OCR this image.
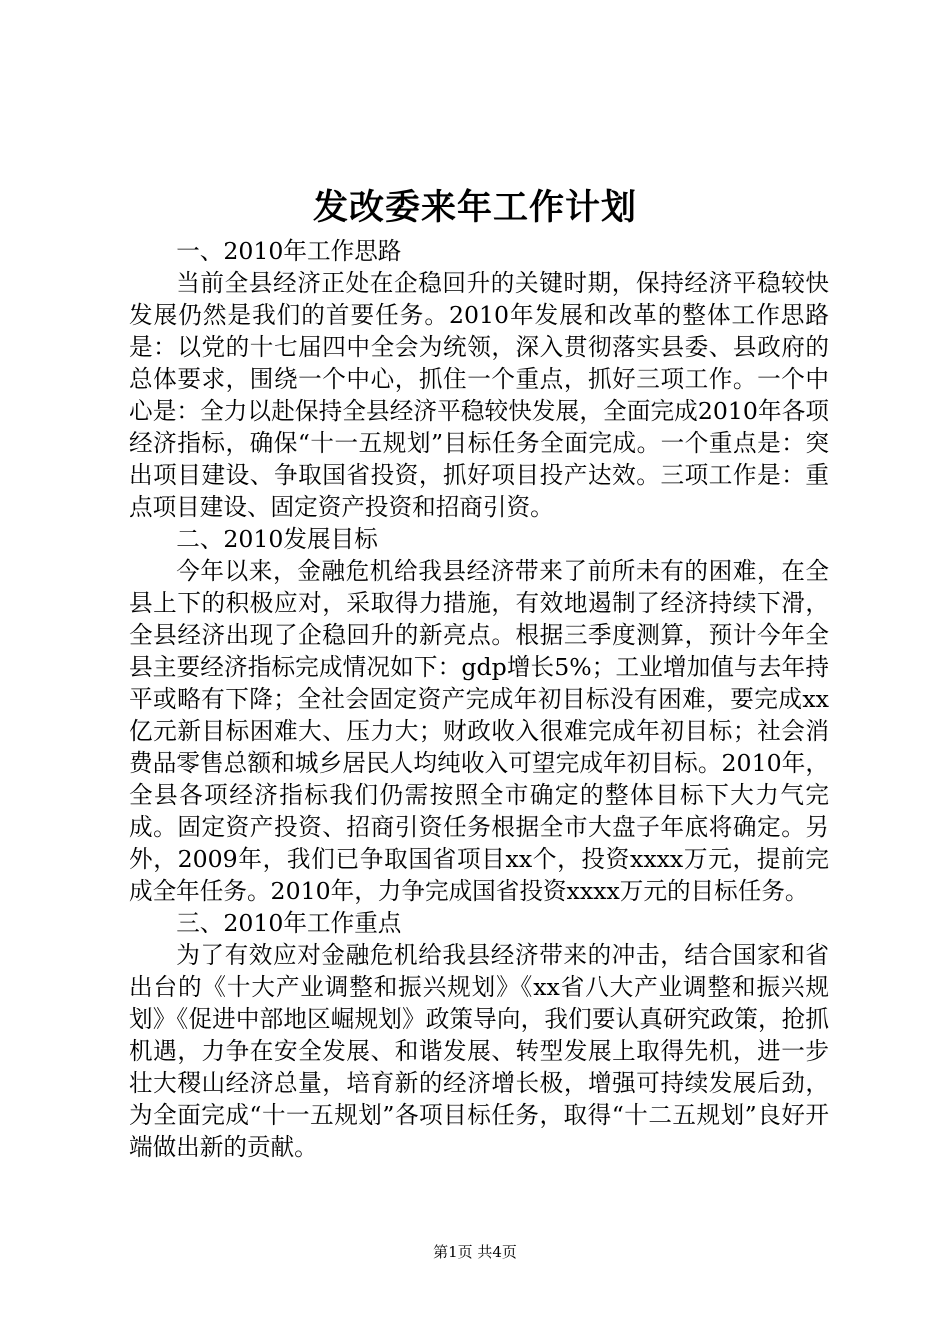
发改委来年工作计划

一、2010年工作思路

当前全县经济正处在企稳回升的关键时期，保持经济平稳较快发展仍然是我们的首要任务。2010年发展和改革的整体工作思路是：以党的十七届四中全会为统领，深入贯彻落实县委、县政府的总体要求，围绕一个中心，抓住一个重点，抓好三项工作。一个中心是：全力以赴保持全县经济平稳较快发展，全面完成2010年各项经济指标，确保“十一五规划”目标任务全面完成。一个重点是：突出项目建设、争取国省投资，抓好项目投产达效。三项工作是：重点项目建设、固定资产投资和招商引资。

二、2010发展目标

今年以来，金融危机给我县经济带来了前所未有的困难，在全县上下的积极应对，采取得力措施，有效地遏制了经济持续下滑，全县经济出现了企稳回升的新亮点。根据三季度测算，预计今年全县主要经济指标完成情况如下：gdp增长5%；工业增加值与去年持平或略有下降；全社会固定资产完成年初目标没有困难，要完成xx亿元新目标困难大、压力大；财政收入很难完成年初目标；社会消费品零售总额和城乡居民人均纯收入可望完成年初目标。2010年，全县各项经济指标我们仍需按照全市确定的整体目标下大力气完成。固定资产投资、招商引资任务根据全市大盘子年底将确定。另外，2009年，我们已争取国省项目xx个，投资xxxx万元，提前完成全年任务。2010年，力争完成国省投资xxxx万元的目标任务。

三、2010年工作重点

为了有效应对金融危机给我县经济带来的冲击，结合国家和省出台的《十大产业调整和振兴规划》《xx省八大产业调整和振兴规划》《促进中部地区崛规划》政策导向，我们要认真研究政策，抢抓机遇，力争在安全发展、和谐发展、转型发展上取得先机，进一步壮大稷山经济总量，培育新的经济增长极，增强可持续发展后劲，为全面完成“十一五规划”各项目标任务，取得“十二五规划”良好开端做出新的贡献。

第1页 共4页
